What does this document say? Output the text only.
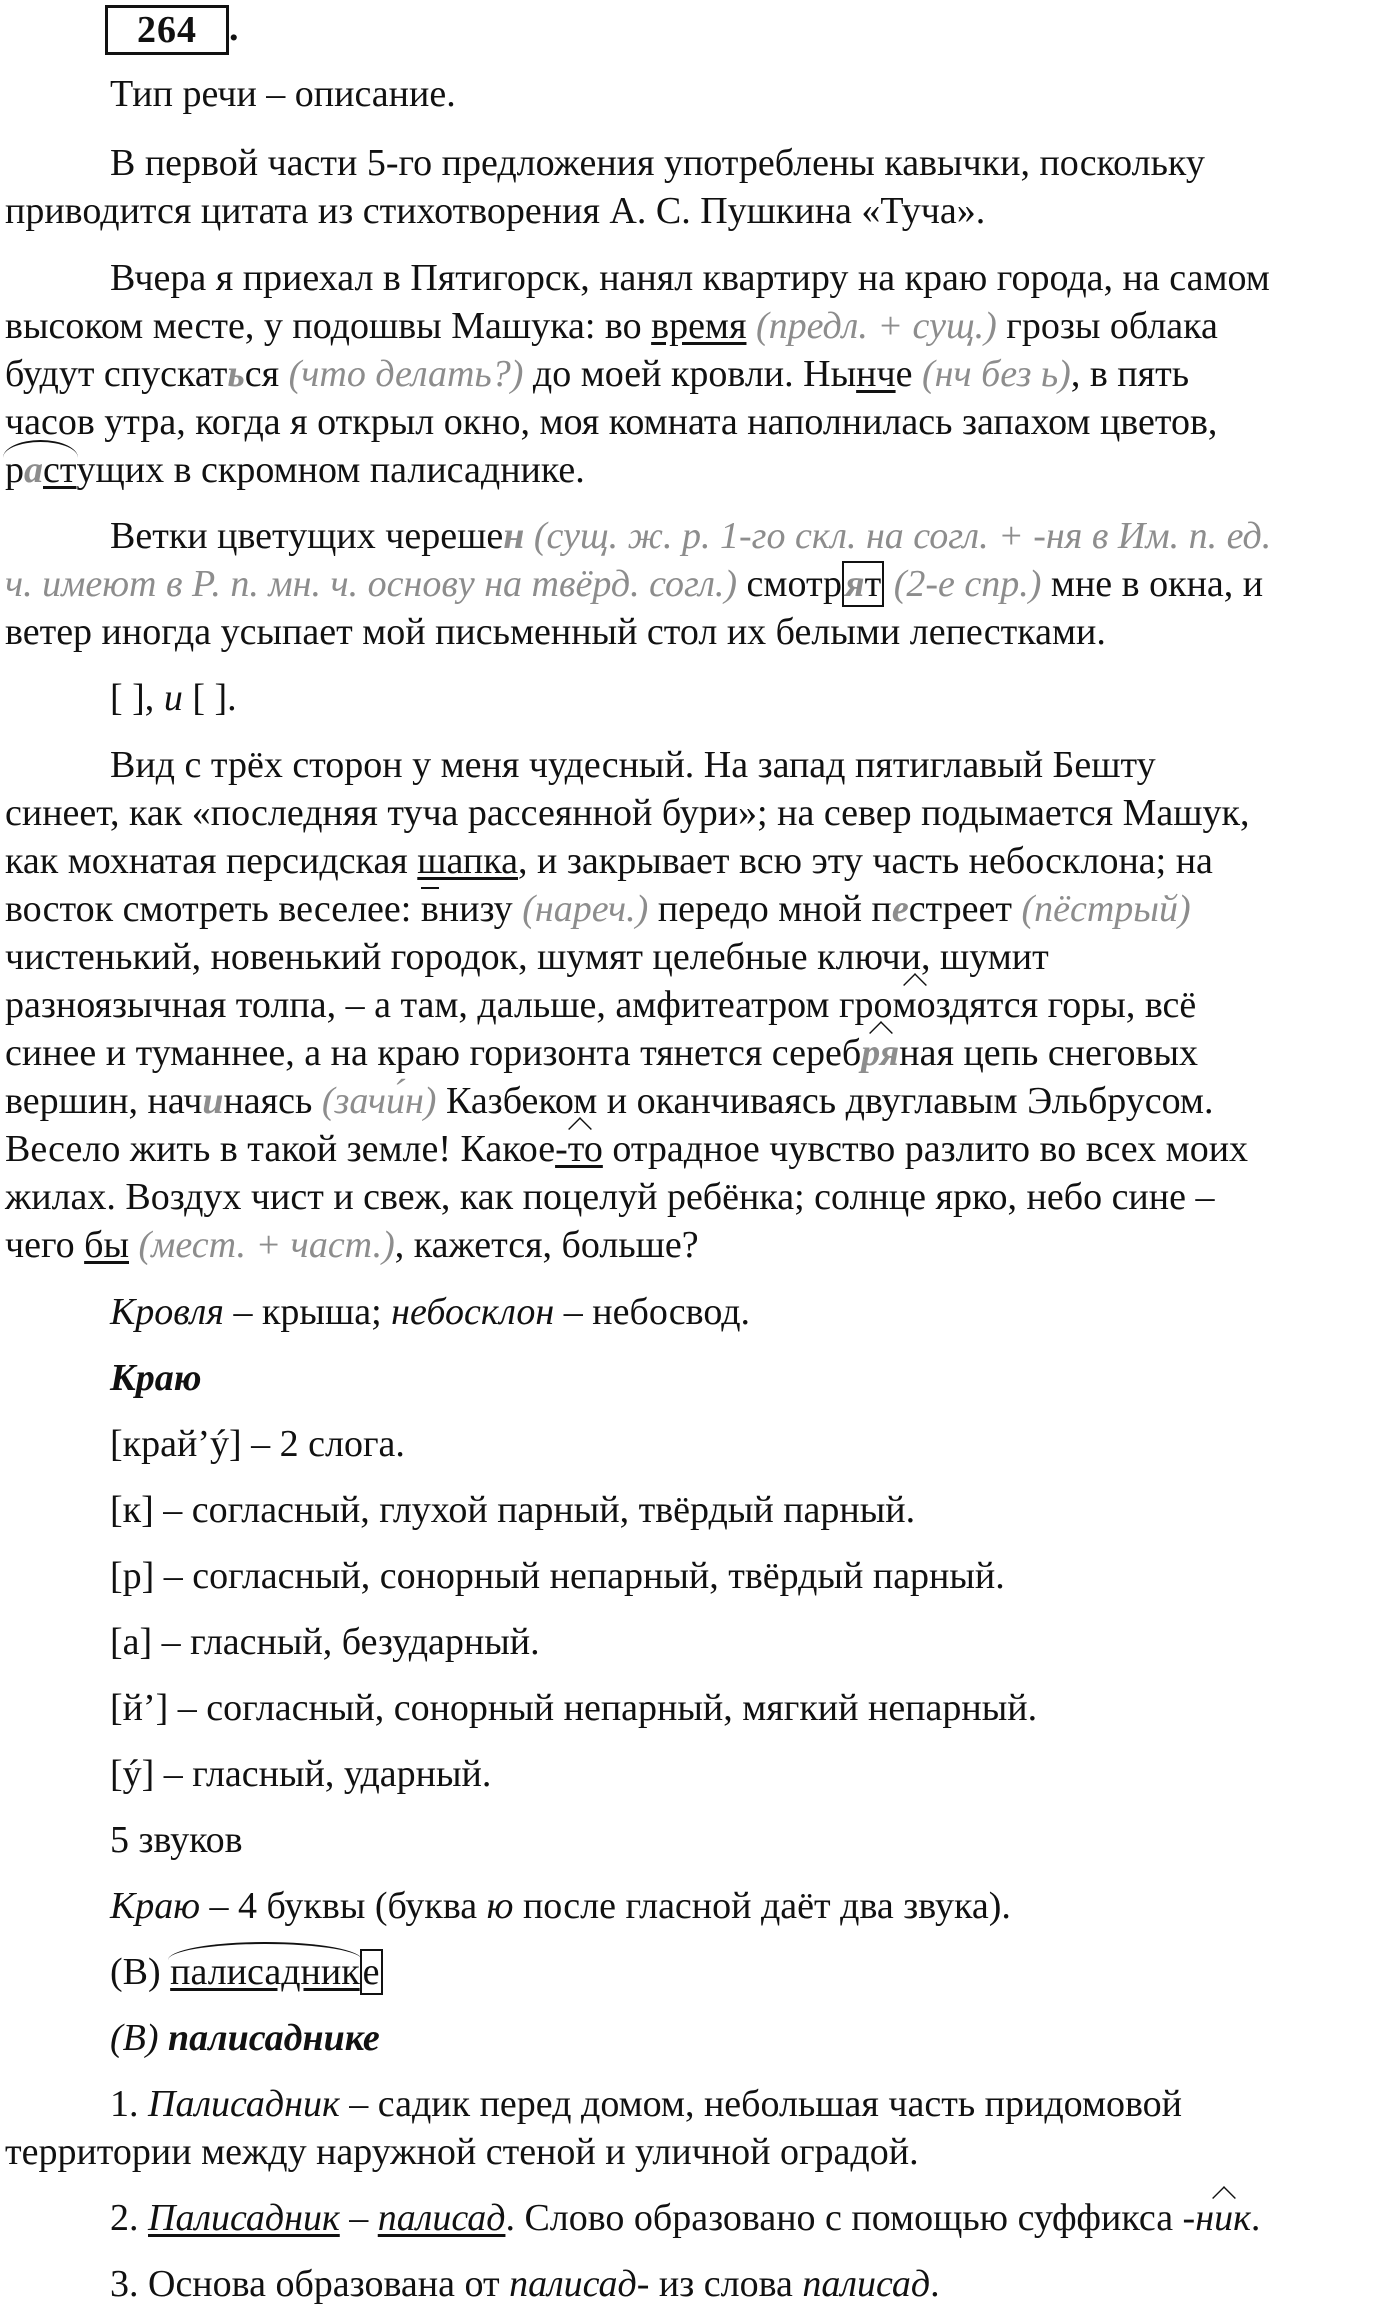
264 .
Тип речи – описание.
В первой части 5-го предложения употреблены кавычки, поскольку
приводится цитата из стихотворения А. С. Пушкина «Туча».
Вчера я приехал в Пятигорск, нанял квартиру на краю города, на самом
высоком месте, у подошвы Машука: во время (предл. + сущ.) грозы облака
будут спускаться (что делать?) до моей кровли. Нынче (нч без ь), в пять
часов утра, когда я открыл окно, моя комната наполнилась запахом цветов,
растущих в скромном палисаднике.
Ветки цветущих черешен (сущ. ж. р. 1-го скл. на согл. + -ня в Им. п. ед.
ч. имеют в Р. п. мн. ч. основу на твёрд. согл.) смотрят (2-е спр.) мне в окна, и
ветер иногда усыпает мой письменный стол их белыми лепестками.
[ ], и [ ].
Вид с трёх сторон у меня чудесный. На запад пятиглавый Бешту
синеет, как «последняя туча рассеянной бури»; на север подымается Машук,
как мохнатая персидская шапка, и закрывает всю эту часть небосклона; на
восток смотреть веселее: внизу (нареч.) передо мной пестреет (пёстрый)
чистенький, новенький городок, шумят целебные ключи, шумит
разноязычная толпа, – а там, дальше, амфитеатром громоздятся горы, всё
синее и туманнее, а на краю горизонта тянется серебряная цепь снеговых
вершин, начинаясь (зачи́н) Казбеком и оканчиваясь двуглавым Эльбрусом.
Весело жить в такой земле! Какое-то отрадное чувство разлито во всех моих
жилах. Воздух чист и свеж, как поцелуй ребёнка; солнце ярко, небо сине –
чего бы (мест. + част.), кажется, больше?
Кровля – крыша; небосклон – небосвод.
Краю
[край’ý] – 2 слога.
[к] – согласный, глухой парный, твёрдый парный.
[р] – согласный, сонорный непарный, твёрдый парный.
[а] – гласный, безударный.
[й’] – согласный, сонорный непарный, мягкий непарный.
[ý] – гласный, ударный.
5 звуков
Краю – 4 буквы (буква ю после гласной даёт два звука).
(В) палисаднике
(В) палисаднике
1. Палисадник – садик перед домом, небольшая часть придомовой
территории между наружной стеной и уличной оградой.
2. Палисадник – палисад. Слово образовано с помощью суффикса -ник.
3. Основа образована от палисад- из слова палисад.
